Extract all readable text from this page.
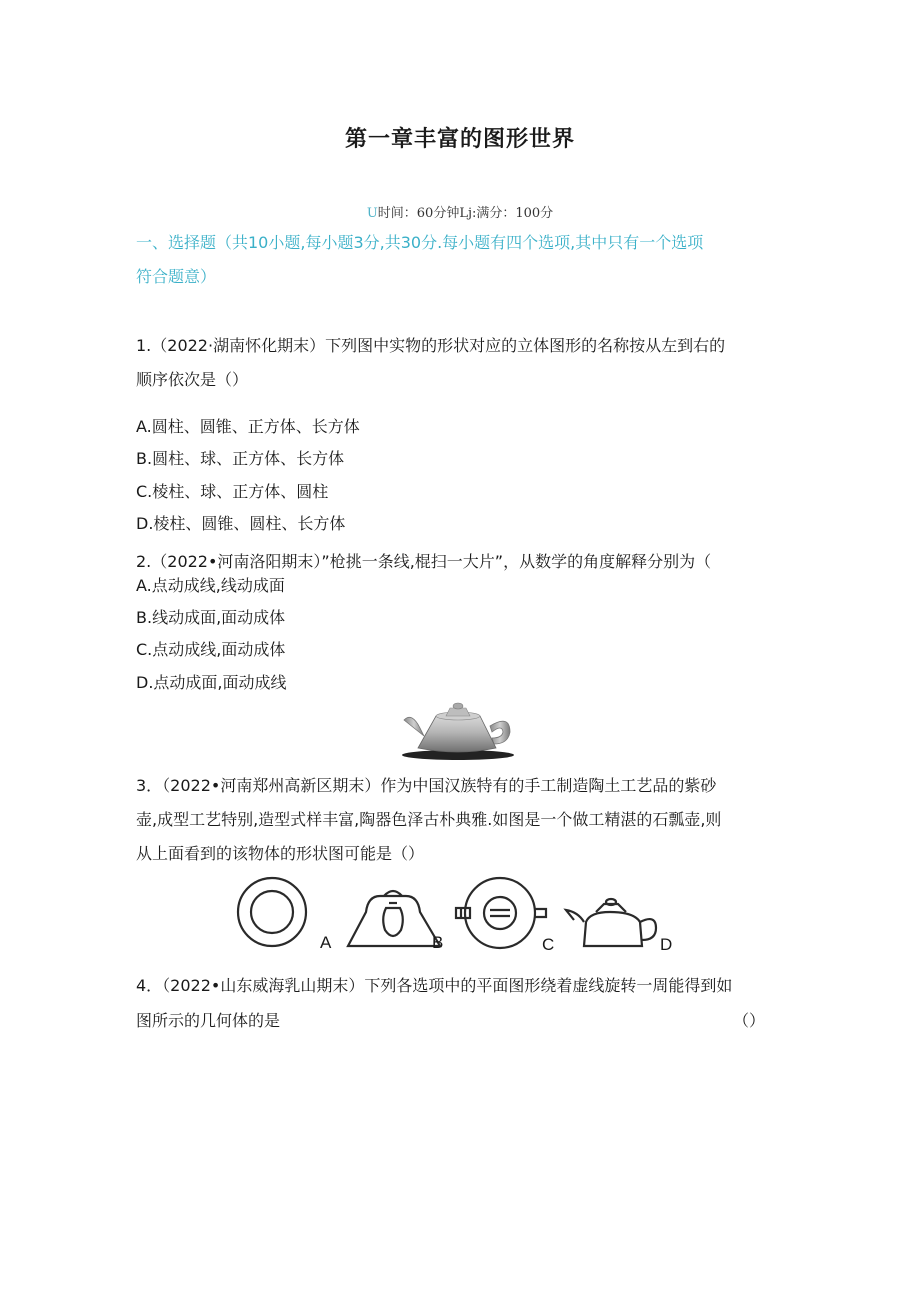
第一章丰富的图形世界
U时间：60分钟Lj:满分：100分
一、选择题（共10小题,每小题3分,共30分.每小题有四个选项,其中只有一个选项
符合题意）
1.（2022·湖南怀化期末）下列图中实物的形状对应的立体图形的名称按从左到右的
顺序依次是（）
A.圆柱、圆锥、正方体、长方体
B.圆柱、球、正方体、长方体
C.棱柱、球、正方体、圆柱
D.棱柱、圆锥、圆柱、长方体
2.（2022•河南洛阳期末）”枪挑一条线,棍扫一大片”，从数学的角度解释分别为（
A.点动成线,线动成面
B.线动成面,面动成体
C.点动成线,面动成体
D.点动成面,面动成线
3．（2022•河南郑州高新区期末）作为中国汉族特有的手工制造陶土工艺品的紫砂
壶,成型工艺特别,造型式样丰富,陶器色泽古朴典雅.如图是一个做工精湛的石瓢壶,则
从上面看到的该物体的形状图可能是（）
A	B	C	D
4．（2022•山东威海乳山期末）下列各选项中的平面图形绕着虚线旋转一周能得到如
图所示的几何体的是	（）
